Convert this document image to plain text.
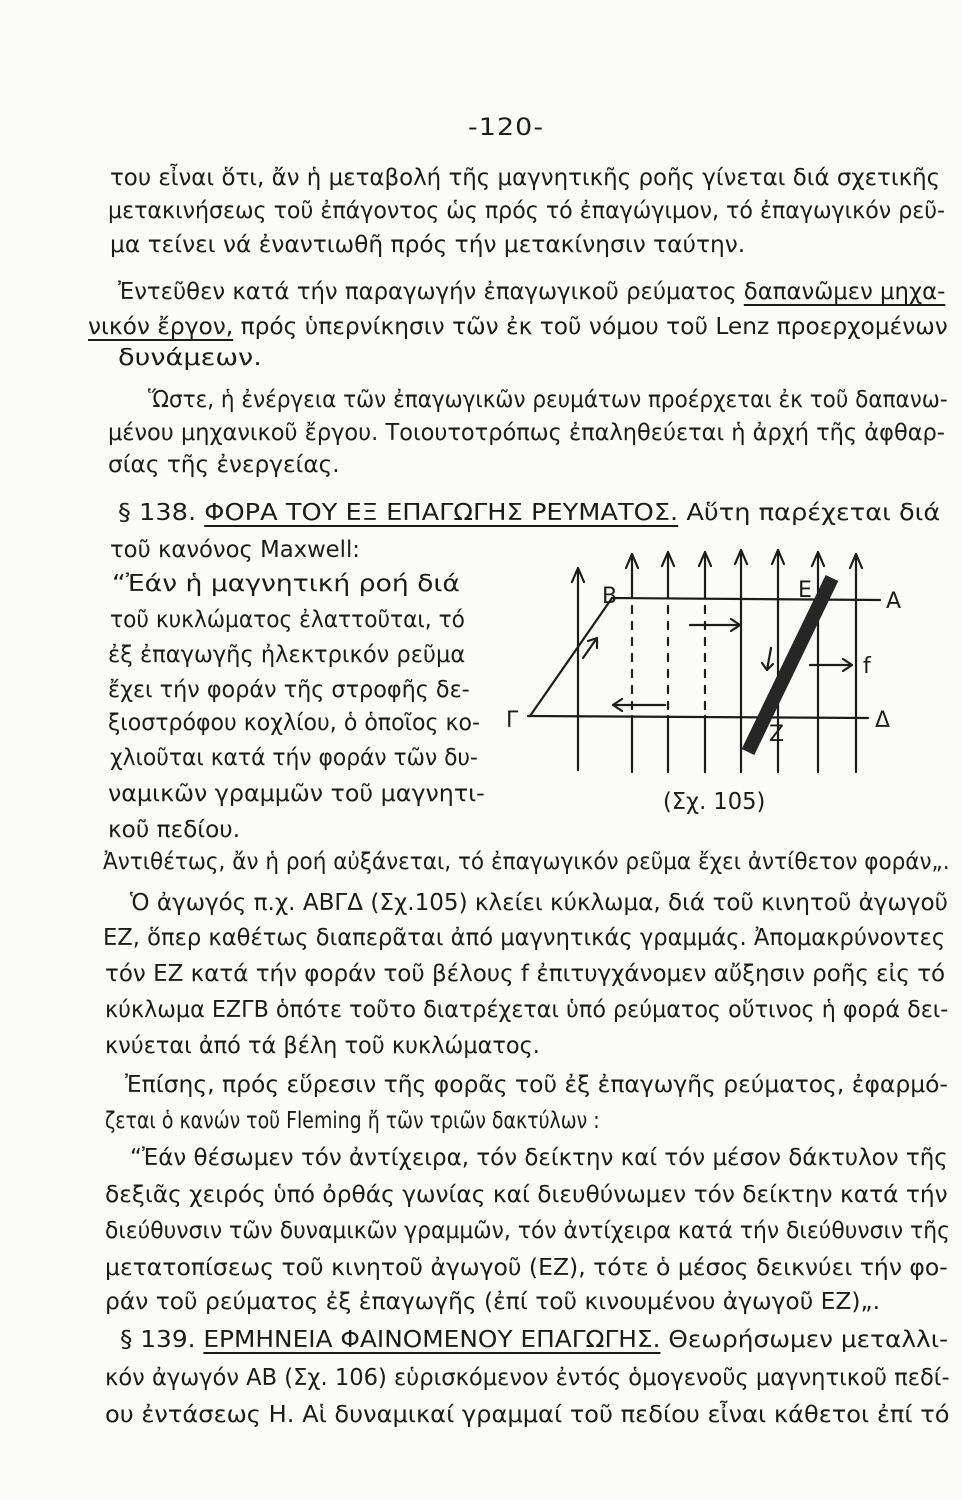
-120-
του εἶναι ὅτι, ἄν ἡ μεταβολή τῆς μαγνητικῆς ροῆς γίνεται διά σχετικῆς
μετακινήσεως τοῦ ἐπάγοντος ὡς πρός τό ἐπαγώγιμον, τό ἐπαγωγικόν ρεῦ-
μα τείνει νά ἐναντιωθῆ πρός τήν μετακίνησιν ταύτην.
Ἐντεῦθεν κατά τήν παραγωγήν ἐπαγωγικοῦ ρεύματος δαπανῶμεν μηχα-
νικόν ἔργον, πρός ὑπερνίκησιν τῶν ἐκ τοῦ νόμου τοῦ Lenz προερχομένων
δυνάμεων.
Ὥστε, ἡ ἐνέργεια τῶν ἐπαγωγικῶν ρευμάτων προέρχεται ἐκ τοῦ δαπανω-
μένου μηχανικοῦ ἔργου. Τοιουτοτρόπως ἐπαληθεύεται ἡ ἀρχή τῆς ἀφθαρ-
σίας τῆς ἐνεργείας.
§ 138. ΦΟΡΑ ΤΟΥ ΕΞ ΕΠΑΓΩΓΗΣ ΡΕΥΜΑΤΟΣ. Αὕτη παρέχεται διά
τοῦ κανόνος Maxwell:
“Ἐάν ἡ μαγνητική ροή διά
τοῦ κυκλώματος ἐλαττοῦται, τό
ἐξ ἐπαγωγῆς ἠλεκτρικόν ρεῦμα
ἔχει τήν φοράν τῆς στροφῆς δε-
ξιοστρόφου κοχλίου, ὁ ὁποῖος κο-
χλιοῦται κατά τήν φοράν τῶν δυ-
ναμικῶν γραμμῶν τοῦ μαγνητι-
κοῦ πεδίου.
Ἀντιθέτως, ἄν ἡ ροή αὐξάνεται, τό ἐπαγωγικόν ρεῦμα ἔχει ἀντίθετον φοράν„.
Ὁ ἀγωγός π.χ. ΑΒΓΔ (Σχ.105) κλείει κύκλωμα, διά τοῦ κινητοῦ ἀγωγοῦ
ΕΖ, ὅπερ καθέτως διαπερᾶται ἀπό μαγνητικάς γραμμάς. Ἀπομακρύνοντες
τόν ΕΖ κατά τήν φοράν τοῦ βέλους f ἐπιτυγχάνομεν αὔξησιν ροῆς εἰς τό
κύκλωμα ΕΖΓΒ ὁπότε τοῦτο διατρέχεται ὑπό ρεύματος οὕτινος ἡ φορά δει-
κνύεται ἀπό τά βέλη τοῦ κυκλώματος.
Ἐπίσης, πρός εὕρεσιν τῆς φορᾶς τοῦ ἐξ ἐπαγωγῆς ρεύματος, ἐφαρμό-
ζεται ὁ κανών τοῦ Fleming ἤ τῶν τριῶν δακτύλων :
“Ἐάν θέσωμεν τόν ἀντίχειρα, τόν δείκτην καί τόν μέσον δάκτυλον τῆς
δεξιᾶς χειρός ὑπό ὀρθάς γωνίας καί διευθύνωμεν τόν δείκτην κατά τήν
διεύθυνσιν τῶν δυναμικῶν γραμμῶν, τόν ἀντίχειρα κατά τήν διεύθυνσιν τῆς
μετατοπίσεως τοῦ κινητοῦ ἀγωγοῦ (ΕΖ), τότε ὁ μέσος δεικνύει τήν φο-
ράν τοῦ ρεύματος ἐξ ἐπαγωγῆς (ἐπί τοῦ κινουμένου ἀγωγοῦ ΕΖ)„.
§ 139. ΕΡΜΗΝΕΙΑ ΦΑΙΝΟΜΕΝΟΥ ΕΠΑΓΩΓΗΣ. Θεωρήσωμεν μεταλλι-
κόν ἀγωγόν ΑΒ (Σχ. 106) εὑρισκόμενον ἐντός ὁμογενοῦς μαγνητικοῦ πεδί-
ου ἐντάσεως Η. Αἱ δυναμικαί γραμμαί τοῦ πεδίου εἶναι κάθετοι ἐπί τό
B	E	A
f
Γ	Δ
Z
(Σχ. 105)
